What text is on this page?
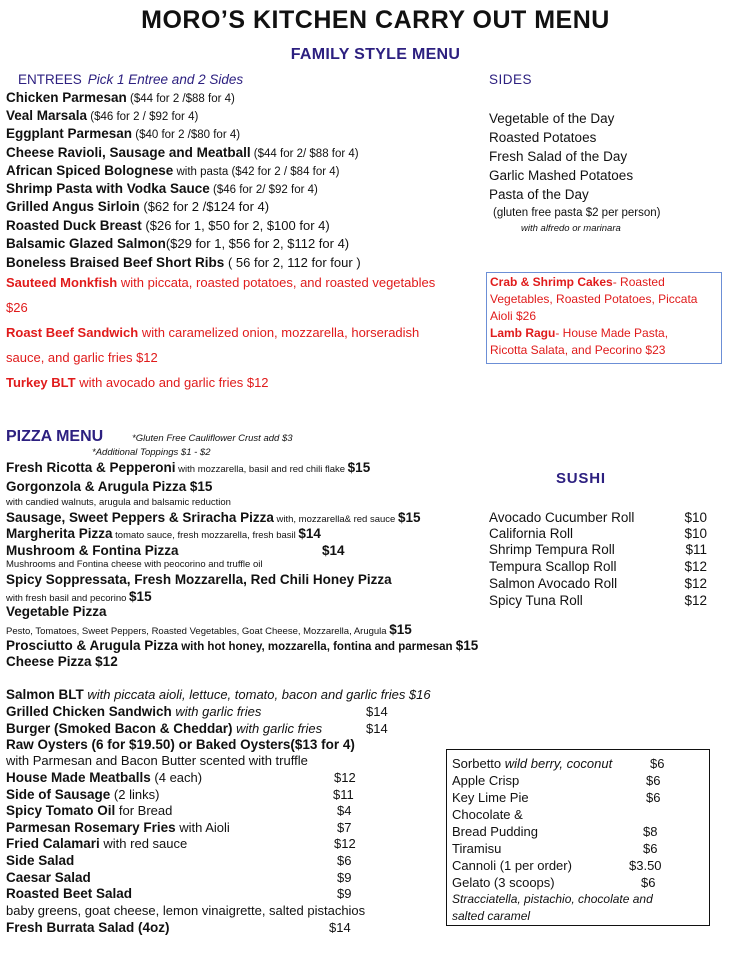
MORO’S KITCHEN CARRY OUT MENU
FAMILY STYLE MENU
ENTREES Pick 1 Entree and 2 Sides	SIDES
Chicken Parmesan ($44 for 2 /$88 for 4)
Veal Marsala ($46 for 2 / $92 for 4)
Eggplant Parmesan ($40 for 2 /$80 for 4)
Cheese Ravioli, Sausage and Meatball ($44 for 2/ $88 for 4)
African Spiced Bolognese with pasta ($42 for 2 / $84 for 4)
Shrimp Pasta with Vodka Sauce ($46 for 2/ $92 for 4)
Grilled Angus Sirloin ($62 for 2 /$124 for 4)
Roasted Duck Breast ($26 for 1, $50 for 2, $100 for 4)
Balsamic Glazed Salmon($29 for 1, $56 for 2, $112 for 4)
Boneless Braised Beef Short Ribs ( 56 for 2, 112 for four )
Sauteed Monkfish with piccata, roasted potatoes, and roasted vegetables
$26
Roast Beef Sandwich with caramelized onion, mozzarella, horseradish
sauce, and garlic fries $12
Turkey BLT with avocado and garlic fries $12
Vegetable of the Day
Roasted Potatoes
Fresh Salad of the Day
Garlic Mashed Potatoes
Pasta of the Day
(gluten free pasta $2 per person)
with alfredo or marinara
Crab & Shrimp Cakes- Roasted
Vegetables, Roasted Potatoes, Piccata
Aioli $26
Lamb Ragu- House Made Pasta,
Ricotta Salata, and Pecorino $23
PIZZA MENU	*Gluten Free Cauliflower Crust add $3
*Additional Toppings $1 - $2
Fresh Ricotta & Pepperoni with mozzarella, basil and red chili flake $15
Gorgonzola & Arugula Pizza $15
with candied walnuts, arugula and balsamic reduction
Sausage, Sweet Peppers & Sriracha Pizza with, mozzarella& red sauce $15
Margherita Pizza tomato sauce, fresh mozzarella, fresh basil $14
Mushroom & Fontina Pizza	$14
Mushrooms and Fontina cheese with peocorino and truffle oil
Spicy Soppressata, Fresh Mozzarella, Red Chili Honey Pizza
with fresh basil and pecorino $15
Vegetable Pizza
Pesto, Tomatoes, Sweet Peppers, Roasted Vegetables, Goat Cheese, Mozzarella, Arugula $15
Prosciutto & Arugula Pizza with hot honey, mozzarella, fontina and parmesan $15
Cheese Pizza $12
SUSHI
Avocado Cucumber Roll	$10
California Roll	$10
Shrimp Tempura Roll	$11
Tempura Scallop Roll	$12
Salmon Avocado Roll	$12
Spicy Tuna Roll	$12
Salmon BLT with piccata aioli, lettuce, tomato, bacon and garlic fries $16
Grilled Chicken Sandwich with garlic fries	$14
Burger (Smoked Bacon & Cheddar) with garlic fries	$14
Raw Oysters (6 for $19.50) or Baked Oysters($13 for 4)
with Parmesan and Bacon Butter scented with truffle
House Made Meatballs (4 each)	$12
Side of Sausage (2 links)	$11
Spicy Tomato Oil for Bread	$4
Parmesan Rosemary Fries with Aioli	$7
Fried Calamari with red sauce	$12
Side Salad	$6
Caesar Salad	$9
Roasted Beet Salad	$9
baby greens, goat cheese, lemon vinaigrette, salted pistachios
Fresh Burrata Salad (4oz)	$14
Sorbetto wild berry, coconut	$6
Apple Crisp	$6
Key Lime Pie	$6
Chocolate &
Bread Pudding	$8
Tiramisu	$6
Cannoli (1 per order)	$3.50
Gelato (3 scoops)	$6
Stracciatella, pistachio, chocolate and
salted caramel
